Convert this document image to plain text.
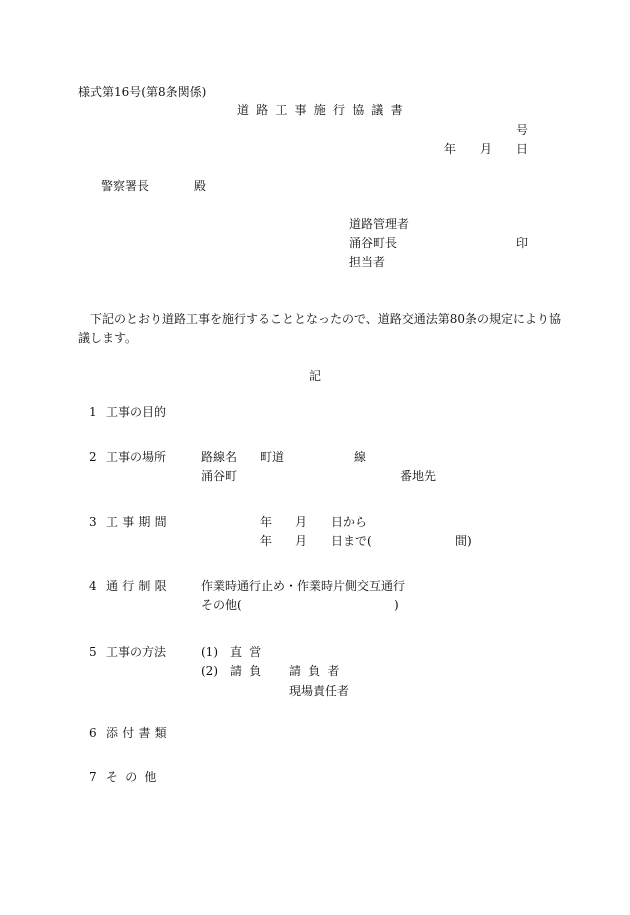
様式第16号(第8条関係)
道路工事施行協議書
号
年 月 日
警察署長	殿
道路管理者
涌谷町長	印
担当者
下記のとおり道路工事を施行することとなったので、道路交通法第80条の規定により協
議します。
記
1 工事の目的
2 工事の場所	路線名 町道	線
涌谷町	番地先
3 工事期間	年 月 日から
年 月 日まで(	間)
4 通行制限	作業時通行止め・作業時片側交互通行
その他(	)
5 工事の方法	(1) 直営
(2) 請負 請負者
現場責任者
6 添付書類
7 その他
